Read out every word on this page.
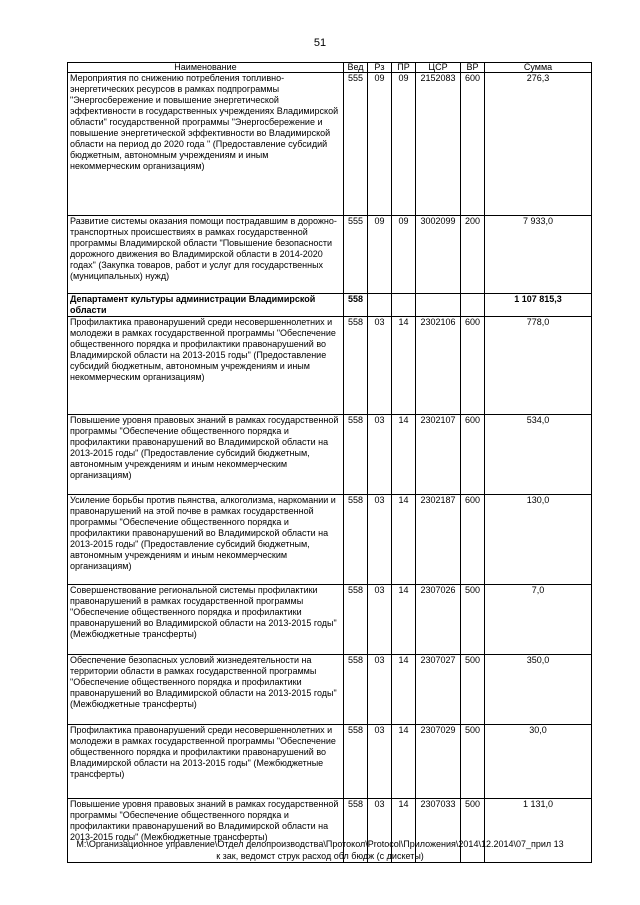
51
Наименование	Вед	Рз	ПР	ЦСР	ВР	Сумма
Мероприятия по снижению потребления топливно-энергетических ресурсов в рамках подпрограммы "Энергосбережение и повышение энергетической эффективности в государственных учреждениях Владимирской области" государственной программы "Энергосбережение и повышение энергетической эффективности во Владимирской области на период до 2020 года " (Предоставление субсидий бюджетным, автономным учреждениям и иным некоммерческим организациям)	555	09	09	2152083	600	276,3
Развитие системы оказания помощи пострадавшим в дорожно-транспортных происшествиях в рамках государственной программы Владимирской области "Повышение безопасности дорожного движения во Владимирской области в 2014-2020 годах" (Закупка товаров, работ и услуг для государственных (муниципальных) нужд)	555	09	09	3002099	200	7 933,0
Департамент культуры администрации Владимирской области	558					1 107 815,3
Профилактика правонарушений среди несовершеннолетних и молодежи в рамках государственной программы "Обеспечение общественного порядка и профилактики правонарушений во Владимирской области на 2013-2015 годы" (Предоставление субсидий бюджетным, автономным учреждениям и иным некоммерческим организациям)	558	03	14	2302106	600	778,0
Повышение уровня правовых знаний в рамках государственной программы "Обеспечение общественного порядка и профилактики правонарушений во Владимирской области на 2013-2015 годы" (Предоставление субсидий бюджетным, автономным учреждениям и иным некоммерческим организациям)	558	03	14	2302107	600	534,0
Усиление борьбы против пьянства, алкоголизма, наркомании и правонарушений на этой почве в рамках государственной программы "Обеспечение общественного порядка и профилактики правонарушений во Владимирской области на 2013-2015 годы" (Предоставление субсидий бюджетным, автономным учреждениям и иным некоммерческим организациям)	558	03	14	2302187	600	130,0
Совершенствование региональной системы профилактики правонарушений в рамках государственной программы "Обеспечение общественного порядка и профилактики правонарушений во Владимирской области на 2013-2015 годы" (Межбюджетные трансферты)	558	03	14	2307026	500	7,0
Обеспечение безопасных условий жизнедеятельности на территории области в рамках государственной программы "Обеспечение общественного порядка и профилактики правонарушений во Владимирской области на 2013-2015 годы" (Межбюджетные трансферты)	558	03	14	2307027	500	350,0
Профилактика правонарушений среди несовершеннолетних и молодежи в рамках государственной программы "Обеспечение общественного порядка и профилактики правонарушений во Владимирской области на 2013-2015 годы" (Межбюджетные трансферты)	558	03	14	2307029	500	30,0
Повышение уровня правовых знаний в рамках государственной программы "Обеспечение общественного порядка и профилактики правонарушений во Владимирской области на 2013-2015 годы" (Межбюджетные трансферты)	558	03	14	2307033	500	1 131,0
M:\Организационное управление\Отдел делопроизводства\Протокол\Protocol\Приложения\2014\12.2014\07_прил 13
к зак, ведомст струк расход обл бюдж (с дискеты)
